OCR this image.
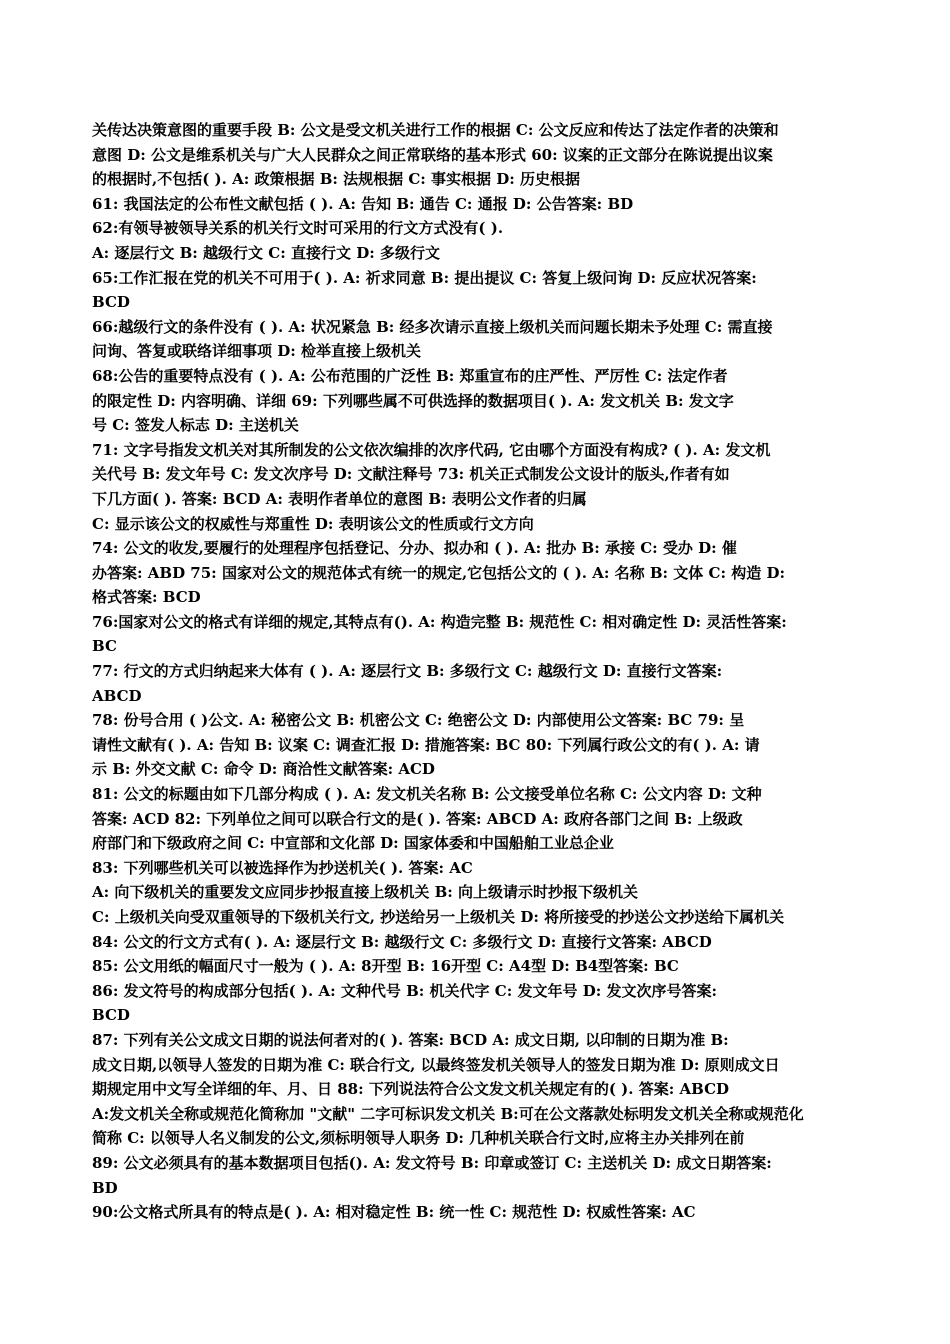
关传达决策意图的重要手段 B: 公文是受文机关进行工作的根据 C: 公文反应和传达了法定作者的决策和
意图 D: 公文是维系机关与广大人民群众之间正常联络的基本形式 60: 议案的正文部分在陈说提出议案
的根据时,不包括( ). A: 政策根据 B: 法规根据 C: 事实根据 D: 历史根据
61: 我国法定的公布性文献包括 ( ). A: 告知 B: 通告 C: 通报 D: 公告答案: BD
62:有领导被领导关系的机关行文时可采用的行文方式没有( ).
A: 逐层行文 B: 越级行文 C: 直接行文 D: 多级行文
65:工作汇报在党的机关不可用于( ). A: 祈求同意 B: 提出提议 C: 答复上级问询 D: 反应状况答案:
BCD
66:越级行文的条件没有 ( ). A: 状况紧急 B: 经多次请示直接上级机关而问题长期未予处理 C: 需直接
问询、答复或联络详细事项 D: 检举直接上级机关
68:公告的重要特点没有 ( ). A: 公布范围的广泛性 B: 郑重宣布的庄严性、严厉性 C: 法定作者
的限定性 D: 内容明确、详细 69: 下列哪些属不可供选择的数据项目( ). A: 发文机关 B: 发文字
号 C: 签发人标志 D: 主送机关
71: 文字号指发文机关对其所制发的公文依次编排的次序代码, 它由哪个方面没有构成? ( ). A: 发文机
关代号 B: 发文年号 C: 发文次序号 D: 文献注释号 73: 机关正式制发公文设计的版头,作者有如
下几方面( ). 答案: BCD A: 表明作者单位的意图 B: 表明公文作者的归属
C: 显示该公文的权威性与郑重性 D: 表明该公文的性质或行文方向
74: 公文的收发,要履行的处理程序包括登记、分办、拟办和 ( ). A: 批办 B: 承接 C: 受办 D: 催
办答案: ABD 75: 国家对公文的规范体式有统一的规定,它包括公文的 ( ). A: 名称 B: 文体 C: 构造 D:
格式答案: BCD
76:国家对公文的格式有详细的规定,其特点有(). A: 构造完整 B: 规范性 C: 相对确定性 D: 灵活性答案:
BC
77: 行文的方式归纳起来大体有 ( ). A: 逐层行文 B: 多级行文 C: 越级行文 D: 直接行文答案:
ABCD
78: 份号合用 ( )公文. A: 秘密公文 B: 机密公文 C: 绝密公文 D: 内部使用公文答案: BC 79: 呈
请性文献有( ). A: 告知 B: 议案 C: 调查汇报 D: 措施答案: BC 80: 下列属行政公文的有( ). A: 请
示 B: 外交文献 C: 命令 D: 商洽性文献答案: ACD
81: 公文的标题由如下几部分构成 ( ). A: 发文机关名称 B: 公文接受单位名称 C: 公文内容 D: 文种
答案: ACD 82: 下列单位之间可以联合行文的是( ). 答案: ABCD A: 政府各部门之间 B: 上级政
府部门和下级政府之间 C: 中宣部和文化部 D: 国家体委和中国船舶工业总企业
83: 下列哪些机关可以被选择作为抄送机关( ). 答案: AC
A: 向下级机关的重要发文应同步抄报直接上级机关 B: 向上级请示时抄报下级机关
C: 上级机关向受双重领导的下级机关行文, 抄送给另一上级机关 D: 将所接受的抄送公文抄送给下属机关
84: 公文的行文方式有( ). A: 逐层行文 B: 越级行文 C: 多级行文 D: 直接行文答案: ABCD
85: 公文用纸的幅面尺寸一般为 ( ). A: 8开型 B: 16开型 C: A4型 D: B4型答案: BC
86: 发文符号的构成部分包括( ). A: 文种代号 B: 机关代字 C: 发文年号 D: 发文次序号答案:
BCD
87: 下列有关公文成文日期的说法何者对的( ). 答案: BCD A: 成文日期, 以印制的日期为准 B:
成文日期,以领导人签发的日期为准 C: 联合行文, 以最终签发机关领导人的签发日期为准 D: 原则成文日
期规定用中文写全详细的年、月、日 88: 下列说法符合公文发文机关规定有的( ). 答案: ABCD
A:发文机关全称或规范化简称加 "文献" 二字可标识发文机关 B:可在公文落款处标明发文机关全称或规范化
简称 C: 以领导人名义制发的公文,须标明领导人职务 D: 几种机关联合行文时,应将主办关排列在前
89: 公文必须具有的基本数据项目包括(). A: 发文符号 B: 印章或签订 C: 主送机关 D: 成文日期答案:
BD
90:公文格式所具有的特点是( ). A: 相对稳定性 B: 统一性 C: 规范性 D: 权威性答案: AC
